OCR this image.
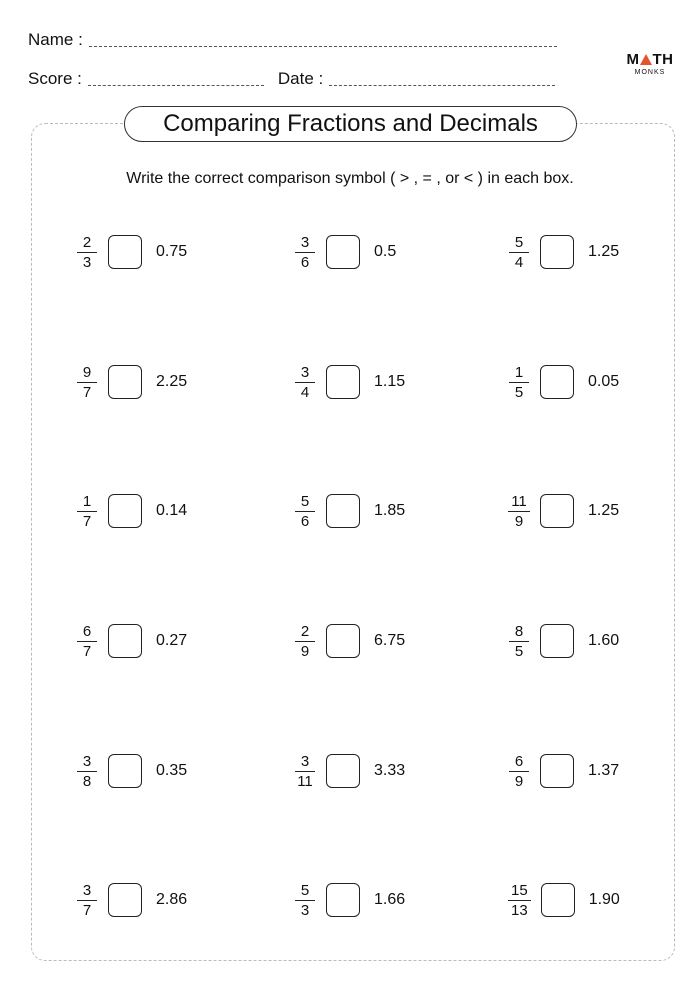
Name :
Score :	Date :
M TH
MONKS
Comparing Fractions and Decimals
Write the correct comparison symbol ( > , = , or < ) in each box.
$\frac{2}{3}$	0.75	$\frac{3}{6}$	0.5	$\frac{5}{4}$	1.25
$\frac{9}{7}$	2.25	$\frac{3}{4}$	1.15	$\frac{1}{5}$	0.05
$\frac{1}{7}$	0.14	$\frac{5}{6}$	1.85	$\frac{11}{9}$	1.25
$\frac{6}{7}$	0.27	$\frac{2}{9}$	6.75	$\frac{8}{5}$	1.60
$\frac{3}{8}$	0.35	$\frac{3}{11}$	3.33	$\frac{6}{9}$	1.37
$\frac{3}{7}$	2.86	$\frac{5}{3}$	1.66	$\frac{15}{13}$	1.90
